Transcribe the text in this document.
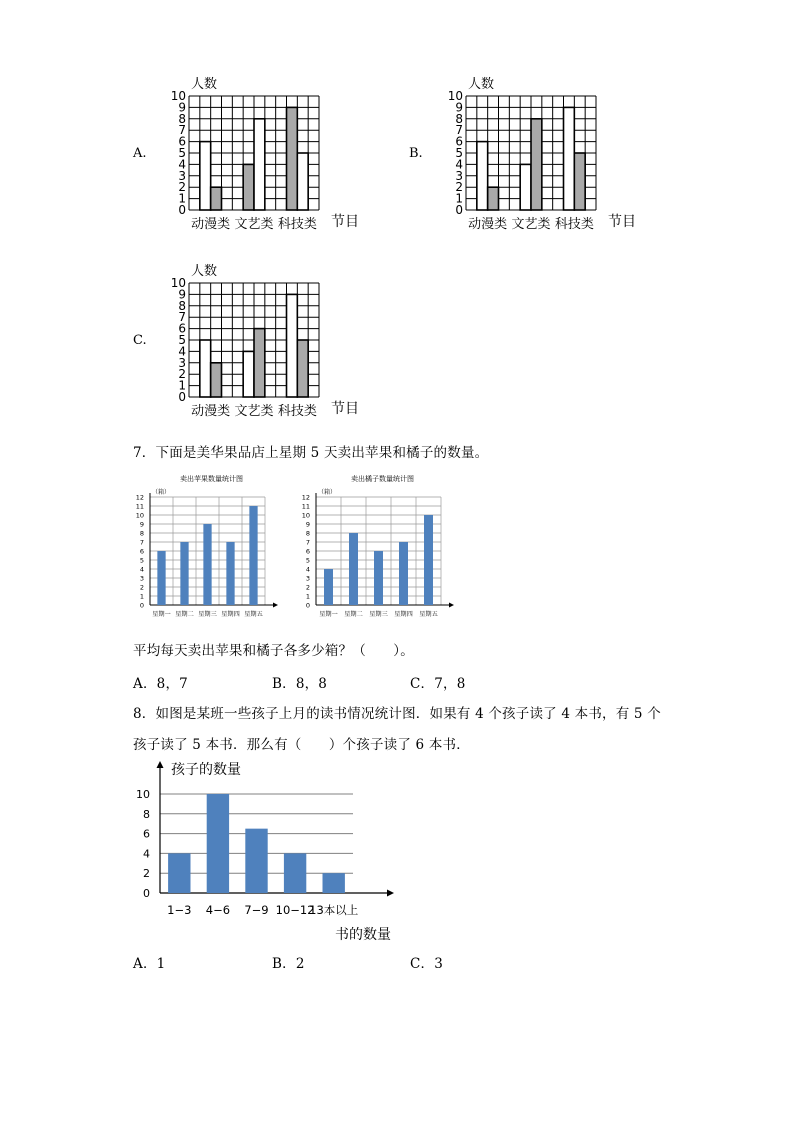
A.	B.
C.
人数
0
1
2
3
4
5
6
7
8
9
10
动漫类 文艺类 科技类 节目
人数
0
1
2
3
4
5
6
7
8
9
10
动漫类 文艺类 科技类 节目
人数
0
1
2
3
4
5
6
7
8
9
10
动漫类 文艺类 科技类 节目
7．下面是美华果品店上星期 5 天卖出苹果和橘子的数量。
卖出苹果数量统计图
（箱）
0
1
2
3
4
5
6
7
8
9
10
11
12
星期一 星期二 星期三 星期四 星期五
卖出橘子数量统计图
（箱）
0
1
2
3
4
5
6
7
8
9
10
11
12
星期一 星期二 星期三 星期四 星期五
平均每天卖出苹果和橘子各多少箱？（　　）。
A．8，7	B．8，8	C．7，8
8．如图是某班一些孩子上月的读书情况统计图．如果有 4 个孩子读了 4 本书，有 5 个
孩子读了 5 本书．那么有（　　）个孩子读了 6 本书．
孩子的数量
0
2
4
6
8
10
1−3 4−6 7−9 10−12
13本以上
书的数量
A．1	B．2	C．3
